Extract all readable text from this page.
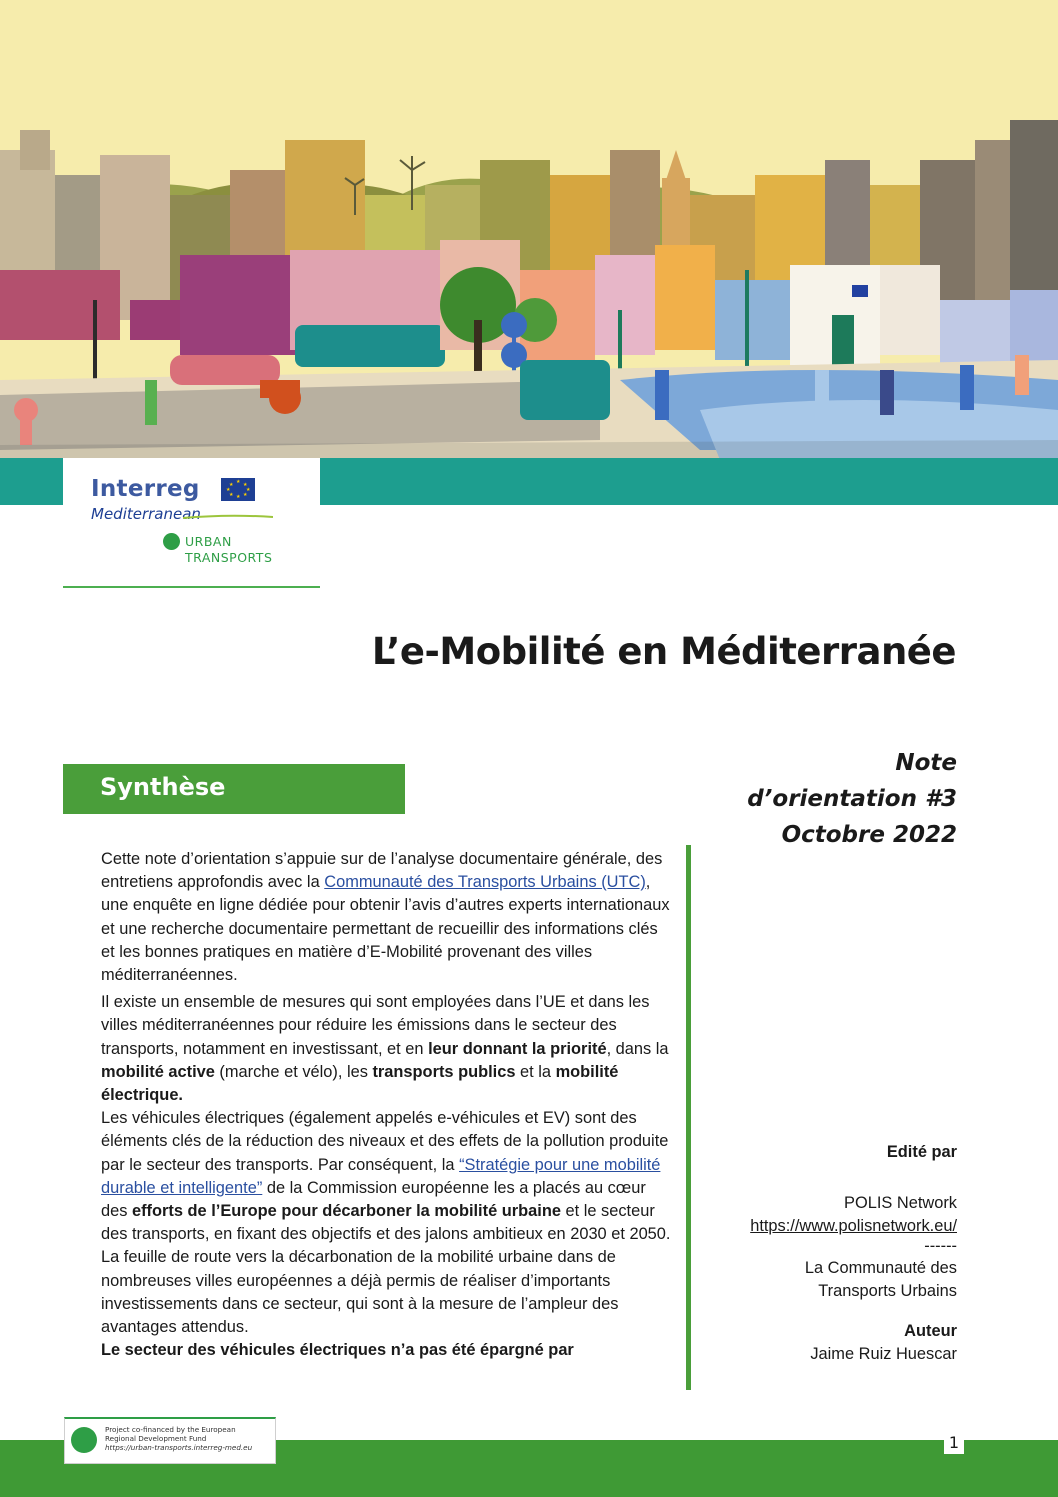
Interreg	★ ★
★
★
★
★
★
★
Mediterranean
URBAN
TRANSPORTS
L’e-Mobilité en Méditerranée
Synthèse
Note
d’orientation #3
Octobre 2022

Cette note d’orientation s’appuie sur de l’analyse documentaire générale, des entretiens approfondis avec la Communauté des Transports Urbains (UTC), une enquête en ligne dédiée pour obtenir l’avis d’autres experts internationaux et une recherche documentaire permettant de recueillir des informations clés et les bonnes pratiques en matière d’E-Mobilité provenant des villes méditerranéennes.

Il existe un ensemble de mesures qui sont employées dans l’UE et dans les villes méditerranéennes pour réduire les émissions dans le secteur des transports, notamment en investissant, et en leur donnant la priorité, dans la mobilité active (marche et vélo), les transports publics et la mobilité électrique.

Les véhicules électriques (également appelés e-véhicules et EV) sont des éléments clés de la réduction des niveaux et des effets de la pollution produite par le secteur des transports. Par conséquent, la “Stratégie pour une mobilité durable et intelligente” de la Commission européenne les a placés au cœur des efforts de l’Europe pour décarboner la mobilité urbaine et le secteur des transports, en fixant des objectifs et des jalons ambitieux en 2030 et 2050. La feuille de route vers la décarbonation de la mobilité urbaine dans de nombreuses villes européennes a déjà permis de réaliser d’importants investissements dans ce secteur, qui sont à la mesure de l’ampleur des avantages attendus.

Le secteur des véhicules électriques n’a pas été épargné par

Edité par
POLIS Network
https://www.polisnetwork.eu/
------
La Communauté des
Transports Urbains
Auteur
Jaime Ruiz Huescar
Project co-financed by the European
Regional Development Fund
https://urban-transports.interreg-med.eu	1
